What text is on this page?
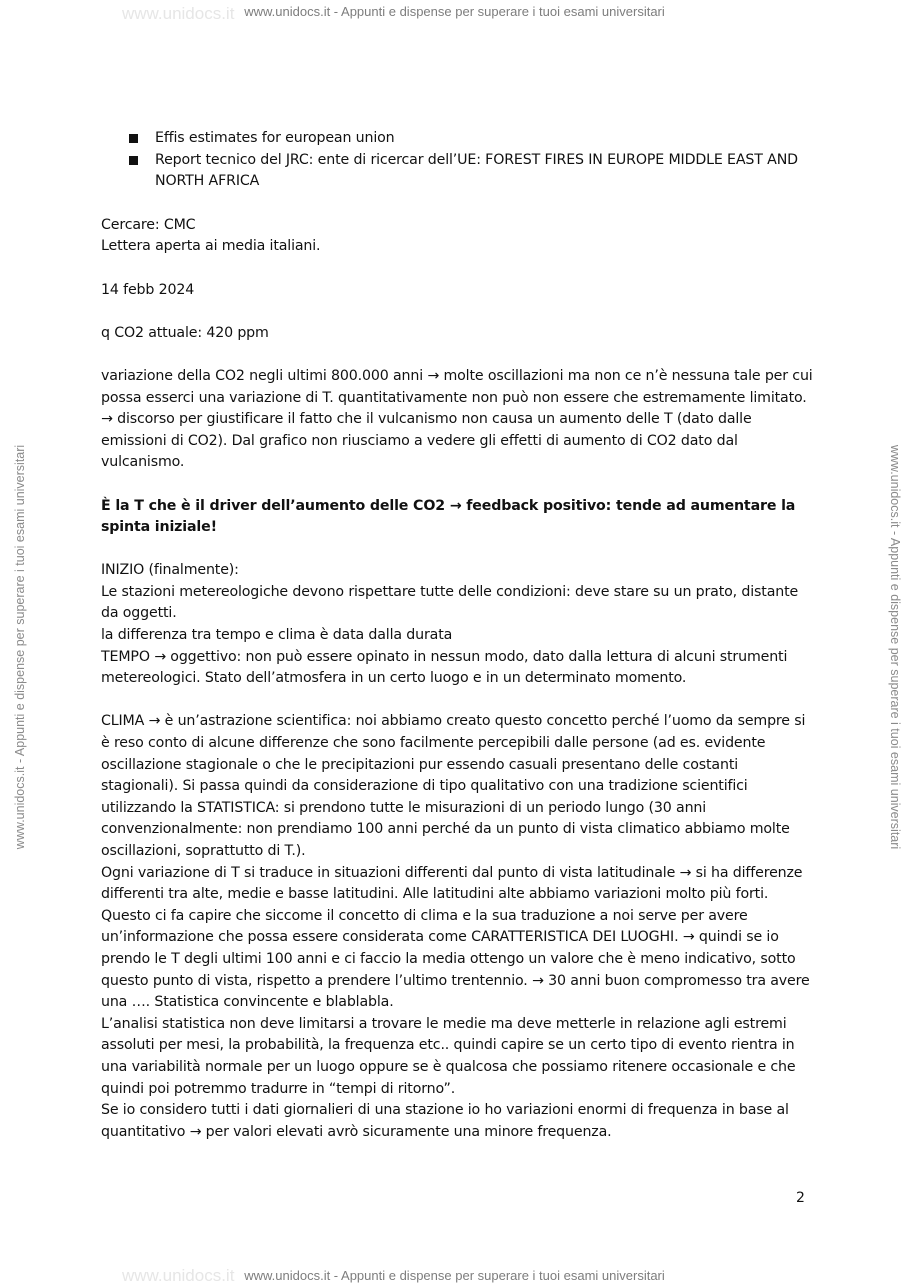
www.unidocs.it - Appunti e dispense per superare i tuoi esami universitari
www.unidocs.it - Appunti e dispense per superare i tuoi esami universitari
www.unidocs.it - Appunti e dispense per superare i tuoi esami universitari	www.unidocs.it - Appunti e dispense per superare i tuoi esami universitari
www.unidocs.it
www.unidocs.it
Effis estimates for european union
Report tecnico del JRC: ente di ricercar dell’UE: FOREST FIRES IN EUROPE MIDDLE EAST AND NORTH AFRICA

Cercare: CMC

Lettera aperta ai media italiani.

14 febb 2024

q CO2 attuale: 420 ppm

variazione della CO2 negli ultimi 800.000 anni → molte oscillazioni ma non ce n’è nessuna tale per cui possa esserci una variazione di T. quantitativamente non può non essere che estremamente limitato. → discorso per giustificare il fatto che il vulcanismo non causa un aumento delle T (dato dalle emissioni di CO2). Dal grafico non riusciamo a vedere gli effetti di aumento di CO2 dato dal vulcanismo.

È la T che è il driver dell’aumento delle CO2 → feedback positivo: tende ad aumentare la spinta iniziale!

INIZIO (finalmente):

Le stazioni metereologiche devono rispettare tutte delle condizioni: deve stare su un prato, distante da oggetti.

la differenza tra tempo e clima è data dalla durata

TEMPO → oggettivo: non può essere opinato in nessun modo, dato dalla lettura di alcuni strumenti metereologici. Stato dell’atmosfera in un certo luogo e in un determinato momento.

CLIMA → è un’astrazione scientifica: noi abbiamo creato questo concetto perché l’uomo da sempre si è reso conto di alcune differenze che sono facilmente percepibili dalle persone (ad es. evidente oscillazione stagionale o che le precipitazioni pur essendo casuali presentano delle costanti stagionali). Si passa quindi da considerazione di tipo qualitativo con una tradizione scientifici utilizzando la STATISTICA: si prendono tutte le misurazioni di un periodo lungo (30 anni convenzionalmente: non prendiamo 100 anni perché da un punto di vista climatico abbiamo molte oscillazioni, soprattutto di T.).

Ogni variazione di T si traduce in situazioni differenti dal punto di vista latitudinale → si ha differenze differenti tra alte, medie e basse latitudini. Alle latitudini alte abbiamo variazioni molto più forti. Questo ci fa capire che siccome il concetto di clima e la sua traduzione a noi serve per avere un’informazione che possa essere considerata come CARATTERISTICA DEI LUOGHI. → quindi se io prendo le T degli ultimi 100 anni e ci faccio la media ottengo un valore che è meno indicativo, sotto questo punto di vista, rispetto a prendere l’ultimo trentennio. → 30 anni buon compromesso tra avere una …. Statistica convincente e blablabla.

L’analisi statistica non deve limitarsi a trovare le medie ma deve metterle in relazione agli estremi assoluti per mesi, la probabilità, la frequenza etc.. quindi capire se un certo tipo di evento rientra in una variabilità normale per un luogo oppure se è qualcosa che possiamo ritenere occasionale e che quindi poi potremmo tradurre in “tempi di ritorno”.

Se io considero tutti i dati giornalieri di una stazione io ho variazioni enormi di frequenza in base al quantitativo → per valori elevati avrò sicuramente una minore frequenza.

2
